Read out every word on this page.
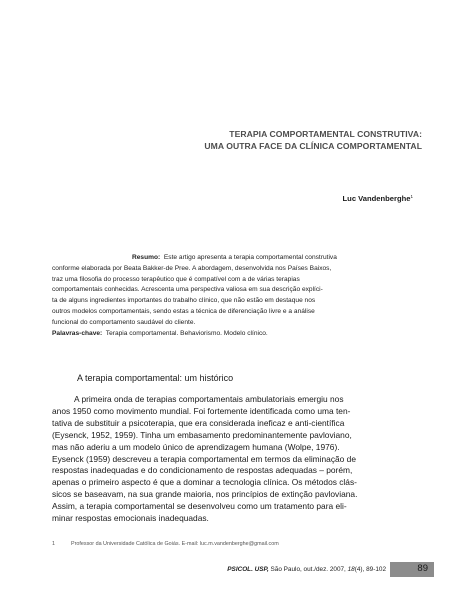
TERAPIA COMPORTAMENTAL CONSTRUTIVA:
UMA OUTRA FACE DA CLÍNICA COMPORTAMENTAL
Luc Vandenberghe$^1$
Resumo: Este artigo apresenta a terapia comportamental construtiva
conforme elaborada por Beata Bakker-de Pree. A abordagem, desenvolvida nos Países Baixos,
traz uma filosofia do processo terapêutico que é compatível com a de várias terapias
comportamentais conhecidas. Acrescenta uma perspectiva valiosa em sua descrição explíci-
ta de alguns ingredientes importantes do trabalho clínico, que não estão em destaque nos
outros modelos comportamentais, sendo estas a técnica de diferenciação livre e a análise
funcional do comportamento saudável do cliente.
Palavras-chave: Terapia comportamental. Behaviorismo. Modelo clínico.
A terapia comportamental: um histórico
A primeira onda de terapias comportamentais ambulatoriais emergiu nos
anos 1950 como movimento mundial. Foi fortemente identificada como uma ten-
tativa de substituir a psicoterapia, que era considerada ineficaz e anti-científica
(Eysenck, 1952, 1959). Tinha um embasamento predominantemente pavloviano,
mas não aderiu a um modelo único de aprendizagem humana (Wolpe, 1976).
Eysenck (1959) descreveu a terapia comportamental em termos da eliminação de
respostas inadequadas e do condicionamento de respostas adequadas – porém,
apenas o primeiro aspecto é que a dominar a tecnologia clínica. Os métodos clás-
sicos se baseavam, na sua grande maioria, nos princípios de extinção pavloviana.
Assim, a terapia comportamental se desenvolveu como um tratamento para eli-
minar respostas emocionais inadequadas.
1	Professor da Universidade Católica de Goiás. E-mail: luc.m.vandenberghe@gmail.com
PSICOL. USP, São Paulo, out./dez. 2007, 18(4), 89-102	89
